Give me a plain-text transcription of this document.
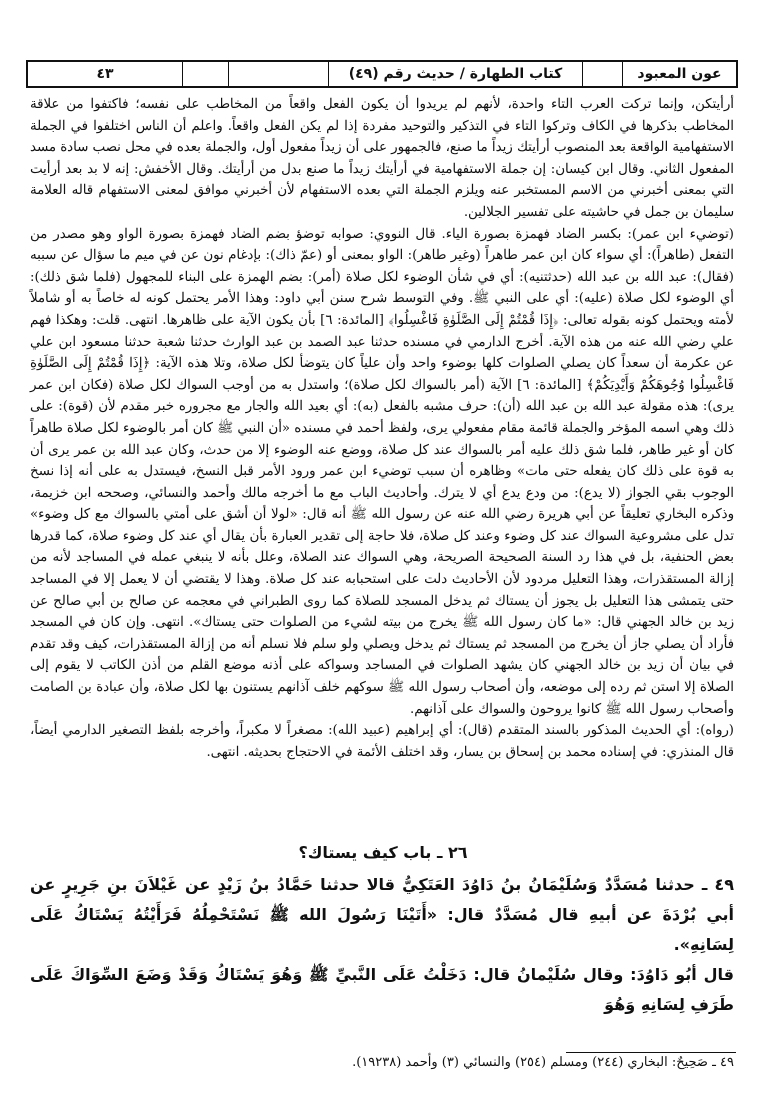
عون المعبود
كتاب الطهارة / حديث رقم (٤٩)
٤٣

أرأيتكن، وإنما تركت العرب التاء واحدة، لأنهم لم يريدوا أن يكون الفعل واقعاً من المخاطب على نفسه؛ فاكتفوا من علاقة المخاطب بذكرها في الكاف وتركوا التاء في التذكير والتوحيد مفردة إذا لم يكن الفعل واقعاً. واعلم أن الناس اختلفوا في الجملة الاستفهامية الواقعة بعد المنصوب أرأيتك زيداً ما صنع، فالجمهور على أن زيداً مفعول أول، والجملة بعده في محل نصب سادة مسد المفعول الثاني. وقال ابن كيسان: إن جملة الاستفهامية في أرأيتك زيداً ما صنع بدل من أرأيتك. وقال الأخفش: إنه لا بد بعد أرأيت التي بمعنى أخبرني من الاسم المستخبر عنه ويلزم الجملة التي بعده الاستفهام لأن أخبرني موافق لمعنى الاستفهام قاله العلامة سليمان بن جمل في حاشيته على تفسير الجلالين.

(توضيء ابن عمر): بكسر الضاد فهمزة بصورة الياء. قال النووي: صوابه توضؤ بضم الضاد فهمزة بصورة الواو وهو مصدر من التفعل (طاهراً): أي سواء كان ابن عمر طاهراً (وغير طاهر): الواو بمعنى أو (عمّ ذاك): بإدغام نون عن في ميم ما سؤال عن سببه (فقال): عبد الله بن عبد الله (حدثتنيه): أي في شأن الوضوء لكل صلاة (أمر): بضم الهمزة على البناء للمجهول (فلما شق ذلك): أي الوضوء لكل صلاة (عليه): أي على النبي ﷺ. وفي التوسط شرح سنن أبي داود: وهذا الأمر يحتمل كونه له خاصاً به أو شاملاً لأمته ويحتمل كونه بقوله تعالى: ﴿إِذَا قُمْتُمْ إِلَى الصَّلَوٰةِ فَاغْسِلُوا﴾ [المائدة: ٦] بأن يكون الآية على ظاهرها. انتهى. قلت: وهكذا فهم علي رضي الله عنه من هذه الآية. أخرج الدارمي في مسنده حدثنا عبد الصمد بن عبد الوارث حدثنا شعبة حدثنا مسعود ابن علي عن عكرمة أن سعداً كان يصلي الصلوات كلها بوضوء واحد وأن علياً كان يتوضأ لكل صلاة، وتلا هذه الآية: ﴿إِذَا قُمْتُمْ إِلَى الصَّلَوٰةِ فَاغْسِلُوا وُجُوهَكُمْ وَأَيْدِيَكُمْ﴾ [المائدة: ٦] الآية (أمر بالسواك لكل صلاة)؛ واستدل به من أوجب السواك لكل صلاة (فكان ابن عمر يرى): هذه مقولة عبد الله بن عبد الله (أن): حرف مشبه بالفعل (به): أي بعيد الله والجار مع مجروره خبر مقدم لأن (قوة): على ذلك وهي اسمه المؤخر والجملة قائمة مقام مفعولي يرى، ولفظ أحمد في مسنده «أن النبي ﷺ كان أمر بالوضوء لكل صلاة طاهراً كان أو غير طاهر، فلما شق ذلك عليه أمر بالسواك عند كل صلاة، ووضع عنه الوضوء إلا من حدث، وكان عبد الله بن عمر يرى أن به قوة على ذلك كان يفعله حتى مات» وظاهره أن سبب توضيء ابن عمر ورود الأمر قبل النسخ، فيستدل به على أنه إذا نسخ الوجوب بقي الجواز (لا يدع): من ودع يدع أي لا يترك. وأحاديث الباب مع ما أخرجه مالك وأحمد والنسائي، وصححه ابن خزيمة، وذكره البخاري تعليقاً عن أبي هريرة رضي الله عنه عن رسول الله ﷺ أنه قال: «لولا أن أشق على أمتي بالسواك مع كل وضوء» تدل على مشروعية السواك عند كل وضوء وعند كل صلاة، فلا حاجة إلى تقدير العبارة بأن يقال أي عند كل وضوء صلاة، كما قدرها بعض الحنفية، بل في هذا رد السنة الصحيحة الصريحة، وهي السواك عند الصلاة، وعلل بأنه لا ينبغي عمله في المساجد لأنه من إزالة المستقذرات، وهذا التعليل مردود لأن الأحاديث دلت على استحبابه عند كل صلاة. وهذا لا يقتضي أن لا يعمل إلا في المساجد حتى يتمشى هذا التعليل بل يجوز أن يستاك ثم يدخل المسجد للصلاة كما روى الطبراني في معجمه عن صالح بن أبي صالح عن زيد بن خالد الجهني قال: «ما كان رسول الله ﷺ يخرج من بيته لشيء من الصلوات حتى يستاك». انتهى. وإن كان في المسجد فأراد أن يصلي جاز أن يخرج من المسجد ثم يستاك ثم يدخل ويصلي ولو سلم فلا نسلم أنه من إزالة المستقذرات، كيف وقد تقدم في بيان أن زيد بن خالد الجهني كان يشهد الصلوات في المساجد وسواكه على أذنه موضع القلم من أذن الكاتب لا يقوم إلى الصلاة إلا استن ثم رده إلى موضعه، وأن أصحاب رسول الله ﷺ سوكهم خلف آذانهم يستنون بها لكل صلاة، وأن عبادة بن الصامت وأصحاب رسول الله ﷺ كانوا يروحون والسواك على آذانهم.

(رواه): أي الحديث المذكور بالسند المتقدم (قال): أي إبراهيم (عبيد الله): مصغراً لا مكبراً، وأخرجه بلفظ التصغير الدارمي أيضاً، قال المنذري: في إسناده محمد بن إسحاق بن يسار، وقد اختلف الأئمة في الاحتجاج بحديثه. انتهى.

٢٦ ـ باب كيف يستاك؟

٤٩ ـ حدثنا مُسَدَّدٌ وَسُلَيْمَانُ بنُ دَاوُدَ العَتَكِيُّ قالا حدثنا حَمَّادُ بنُ زَيْدٍ عن غَيْلاَنَ بنِ جَرِيرٍ عن أبي بُرْدَةَ عن أبيهِ قال مُسَدَّدٌ قال: «أَتَيْنَا رَسُولَ الله ﷺ نَسْتَحْمِلُهُ فَرَأَيْتُهُ يَسْتَاكُ عَلَى لِسَانِهِ».

قال أبُو دَاوُدَ: وقال سُلَيْمانُ قال: دَخَلْتُ عَلَى النَّبيِّ ﷺ وَهُوَ يَسْتَاكُ وَقَدْ وَضَعَ السِّوَاكَ عَلَى طَرَفِ لِسَانِهِ وَهُوَ

٤٩ ـ صَحِيحٌ: البخاري (٢٤٤) ومسلم (٢٥٤) والنسائي (٣) وأحمد (١٩٢٣٨).
